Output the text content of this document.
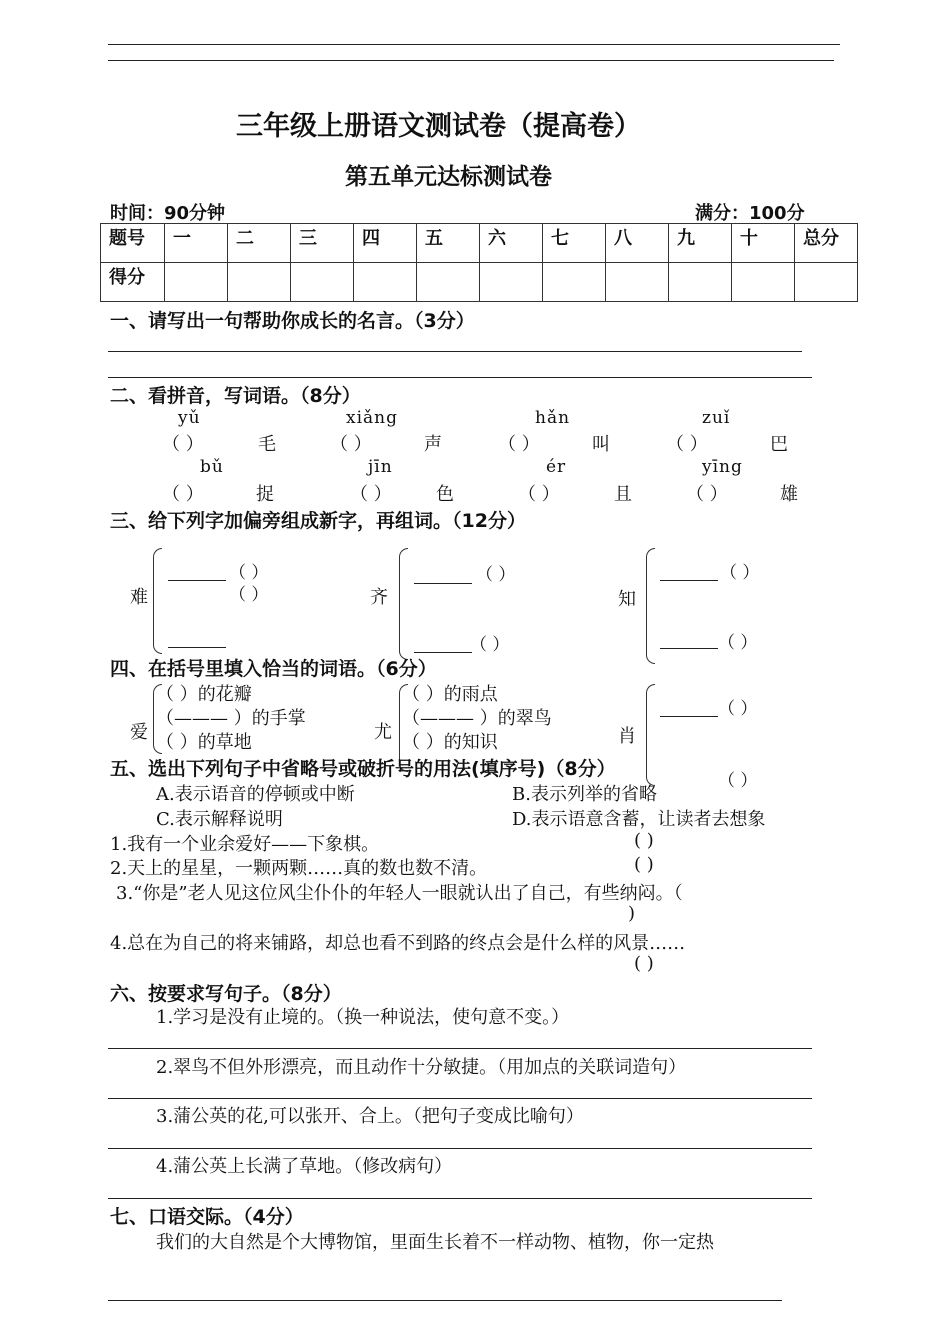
三年级上册语文测试卷（提高卷）
第五单元达标测试卷
时间：90分钟	满分：100分
题号	一	二	三	四	五	六	七	八	九	十	总分
得分											
一、请写出一句帮助你成长的名言。（3分）
二、看拼音，写词语。（8分）
yǔ	xiǎng	hǎn	zuǐ
（ ）	毛	（ ）	声	（ ）	叫	（ ）	巴
bǔ	jīn	ér	yīng
（ ）	捉	（ ） 色	（ ）	且	（ ）	雄
三、给下列字加偏旁组成新字，再组词。（12分）
难
（ ）
（ ）	齐
（ ）
（ ）
知
（ ）
（ ）
四、在括号里填入恰当的词语。（6分）
爱
（ ）的花瓣
（——— ）的手掌
（ ）的草地	尤
（ ）的雨点
（——— ）的翠鸟
（ ）的知识	肖
（ ）
（ ）
五、选出下列句子中省略号或破折号的用法(填序号)（8分）
A.表示语音的停顿或中断	B.表示列举的省略
C.表示解释说明	D.表示语意含蓄，让读者去想象
1.我有一个业余爱好——下象棋。	( )
2.天上的星星，一颗两颗……真的数也数不清。	( )
3.“你是”老人见这位风尘仆仆的年轻人一眼就认出了自己，有些纳闷。（
)
4.总在为自己的将来铺路，却总也看不到路的终点会是什么样的风景……
( )
六、按要求写句子。（8分）
1.学习是没有止境的。（换一种说法，使句意不变。）
2.翠鸟不但外形漂亮，而且动作十分敏捷。（用加点的关联词造句）
3.蒲公英的花,可以张开、合上。（把句子变成比喻句）
4.蒲公英上长满了草地。（修改病句）
七、口语交际。（4分）
我们的大自然是个大博物馆，里面生长着不一样动物、植物，你一定热
